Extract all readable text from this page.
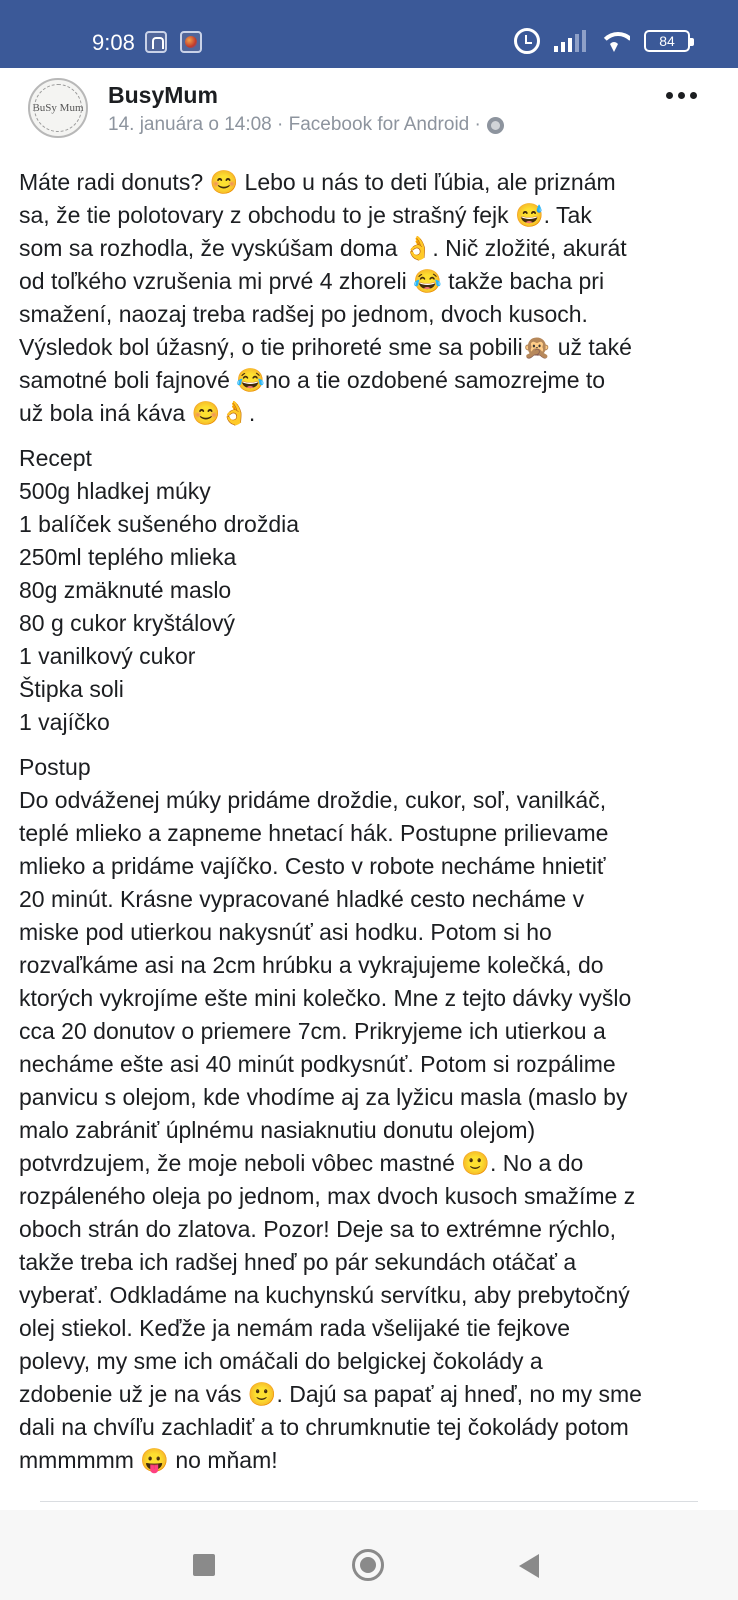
9:08	84
BuSy Mum BusyMum
14. januára o 14:08 · Facebook for Android ·

Máte radi donuts? 😊 Lebo u nás to deti ľúbia, ale priznám
sa, že tie polotovary z obchodu to je strašný fejk 😅. Tak
som sa rozhodla, že vyskúšam doma 👌. Nič zložité, akurát
od toľkého vzrušenia mi prvé 4 zhoreli 😂 takže bacha pri
smažení, naozaj treba radšej po jednom, dvoch kusoch.
Výsledok bol úžasný, o tie prihoreté sme sa pobili🙊 už také
samotné boli fajnové 😂no a tie ozdobené samozrejme to
už bola iná káva 😊👌.

Recept
500g hladkej múky
1 balíček sušeného droždia
250ml teplého mlieka
80g zmäknuté maslo
80 g cukor kryštálový
1 vanilkový cukor
Štipka soli
1 vajíčko

Postup
Do odváženej múky pridáme droždie, cukor, soľ, vanilkáč,
teplé mlieko a zapneme hnetací hák. Postupne prilievame
mlieko a pridáme vajíčko. Cesto v robote necháme hnietiť
20 minút. Krásne vypracované hladké cesto necháme v
miske pod utierkou nakysnúť asi hodku. Potom si ho
rozvaľkáme asi na 2cm hrúbku a vykrajujeme kolečká, do
ktorých vykrojíme ešte mini kolečko. Mne z tejto dávky vyšlo
cca 20 donutov o priemere 7cm. Prikryjeme ich utierkou a
necháme ešte asi 40 minút podkysnúť. Potom si rozpálime
panvicu s olejom, kde vhodíme aj za lyžicu masla (maslo by
malo zabrániť úplnému nasiaknutiu donutu olejom)
potvrdzujem, že moje neboli vôbec mastné 🙂. No a do
rozpáleného oleja po jednom, max dvoch kusoch smažíme z
oboch strán do zlatova. Pozor! Deje sa to extrémne rýchlo,
takže treba ich radšej hneď po pár sekundách otáčať a
vyberať. Odkladáme na kuchynskú servítku, aby prebytočný
olej stiekol. Keďže ja nemám rada všelijaké tie fejkove
polevy, my sme ich omáčali do belgickej čokolády a
zdobenie už je na vás 🙂. Dajú sa papať aj hneď, no my sme
dali na chvíľu zachladiť a to chrumknutie tej čokolády potom
mmmmmm 😛 no mňam!
